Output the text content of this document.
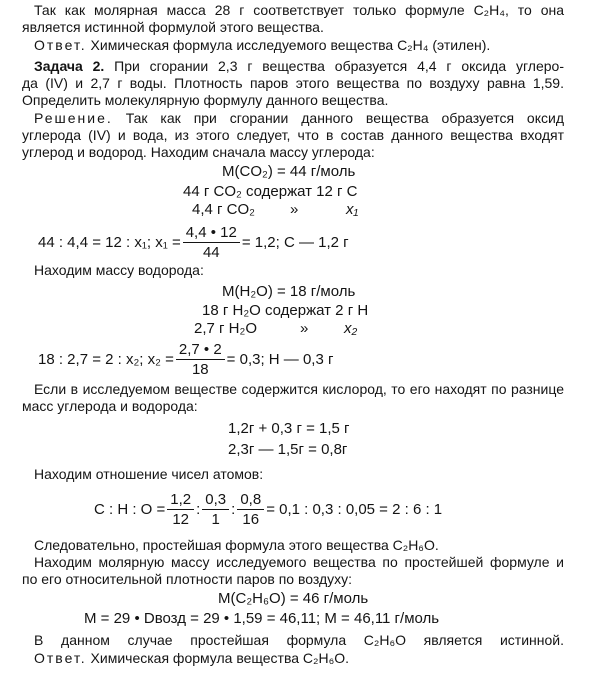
Так как молярная масса 28 г соответствует только формуле C₂H₄, то она
является истинной формулой этого вещества.
Ответ. Химическая формула исследуемого вещества C₂H₄ (этилен).
Задача 2. При сгорании 2,3 г вещества образуется 4,4 г оксида углеро-
да (IV) и 2,7 г воды. Плотность паров этого вещества по воздуху равна 1,59.
Определить молекулярную формулу данного вещества.
Решение. Так как при сгорании данного вещества образуется оксид
углерода (IV) и вода, из этого следует, что в состав данного вещества входят
углерод и водород. Находим сначала массу углерода:
M(CO₂) = 44 г/моль
44 г CO₂ содержат 12 г C
4,4 г CO₂ »	x₁
44 : 4,4 = 12 : x₁; $x_1 = \frac{4,4 • 12}{44} = 1,2$; C — 1,2 г
Находим массу водорода:
M(H₂O) = 18 г/моль
18 г H₂O содержат 2 г H
2,7 г H₂O	» x₂
18 : 2,7 = 2 : x₂; $x_2 = \frac{2,7 • 2}{18} = 0,3$; H — 0,3 г
Если в исследуемом веществе содержится кислород, то его находят по разнице
масс углерода и водорода:
1,2г + 0,3 г = 1,5 г
2,3г — 1,5г = 0,8г
Находим отношение чисел атомов:
C : H : $O = \frac{1,2}{12}$ : $\frac{0,3}{1}$ : $\frac{0,8}{16} = 0,1$ : 0,3 : 0,05 = 2 : 6 : 1
Следовательно, простейшая формула этого вещества C₂H₆O.
Находим молярную массу исследуемого вещества по простейшей формуле и
по его относительной плотности паров по воздуху:
M(C₂H₆O) = 46 г/моль
M = 29 • Dвозд = 29 • 1,59 = 46,11; M = 46,11 г/моль
В данном случае простейшая формула C₂H₆O является истинной.
Ответ. Химическая формула вещества C₂H₆O.
